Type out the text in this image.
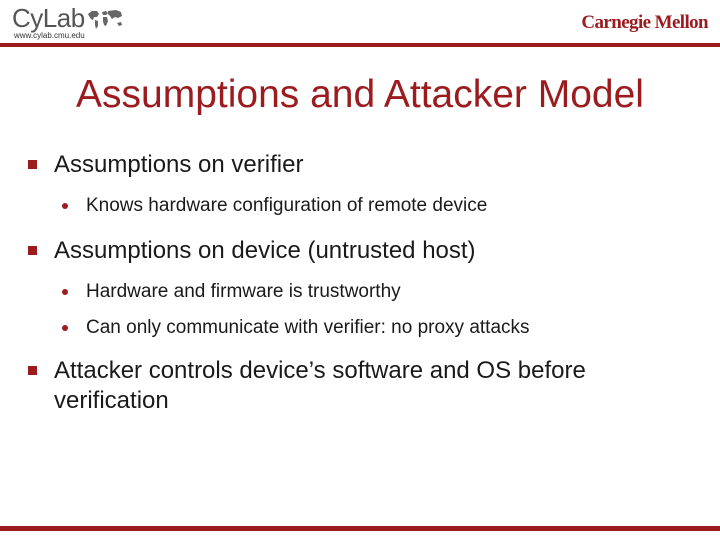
CyLab
www.cylab.cmu.edu
Carnegie Mellon
Assumptions and Attacker Model
Assumptions on verifier
Knows hardware configuration of remote device
Assumptions on device (untrusted host)
Hardware and firmware is trustworthy
Can only communicate with verifier: no proxy attacks
Attacker controls device’s software and OS before verification
